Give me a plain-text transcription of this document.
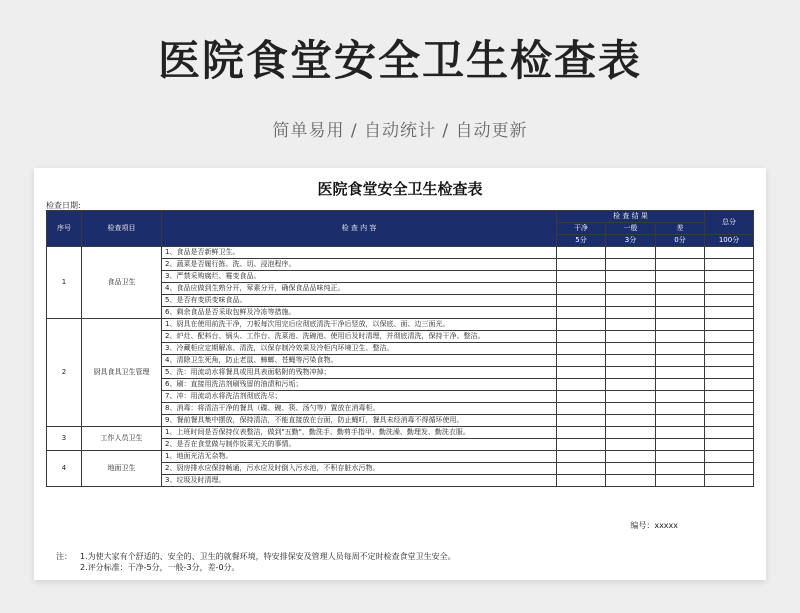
医院食堂安全卫生检查表
简单易用 / 自动统计 / 自动更新
医院食堂安全卫生检查表
检查日期:
序号	检查项目	检 查 内 容	检 查 结 果			总分
			干净	一般	差	
			5分	3分	0分	100分
1	食品卫生	1、食品是否新鲜卫生。				
		2、蔬菜是否履行拣、洗、切、浸泡程序。				
		3、严禁采购腐烂、霉变食品。				
		4、食品应做到生熟分开，荤素分开，确保食品品味纯正。				
		5、是否有变质变味食品。				
		6、剩余食品是否采取包鲜及冷冻等措施。				
2	厨具食具卫生管理	1、厨具在使用前洗干净，刀板每次用完后应彻底清洗干净后竖放，以保底、面、边三面光。				
		2、炉灶、配料台、锅头、工作台、洗菜池、洗碗池、使用后及时清理，并彻底清洗，保持干净、整洁。				
		3、冷藏柜应定期解冻、清洗，以保存制冷效果及冷柜内环境卫生、整洁。				
		4、清除卫生死角，防止老鼠、蟑螂、苍蝇等污染食物。				
		5、洗：用流动水将餐具或用具表面粘附的残物冲掉；				
		6、刷：直接用洗洁剂刷残留的油渍和污垢；				
		7、冲：用流动水将洗洁剂彻底洗尽；				
		8、消毒：将清洁干净的餐具（碟、碗、筷、汤勺等）置放在消毒柜。				
		9、餐前餐具集中摆放，保持清洁，不能直接放在台面，防止蝇叮，餐具未经消毒不得循环使用。				
3	工作人员卫生	1、上班时间是否保持仪表整洁，做到"五勤"，勤洗手、勤剪手指甲、勤洗澡、勤理发、勤洗衣服。				
		2、是否在食堂做与制作饭菜无关的事情。				
4	地面卫生	1、地面光洁无杂物。				
		2、厨房排水应保持畅通，污水应及时倒入污水池，不积存脏水污物。				
		3、垃圾及时清理。				
编号：xxxxx
注： 1.为使大家有个舒适的、安全的、卫生的就餐环境，特安排保安及管理人员每周不定时检查食堂卫生安全。
2.评分标准：干净-5分，一般-3分，差-0分。
